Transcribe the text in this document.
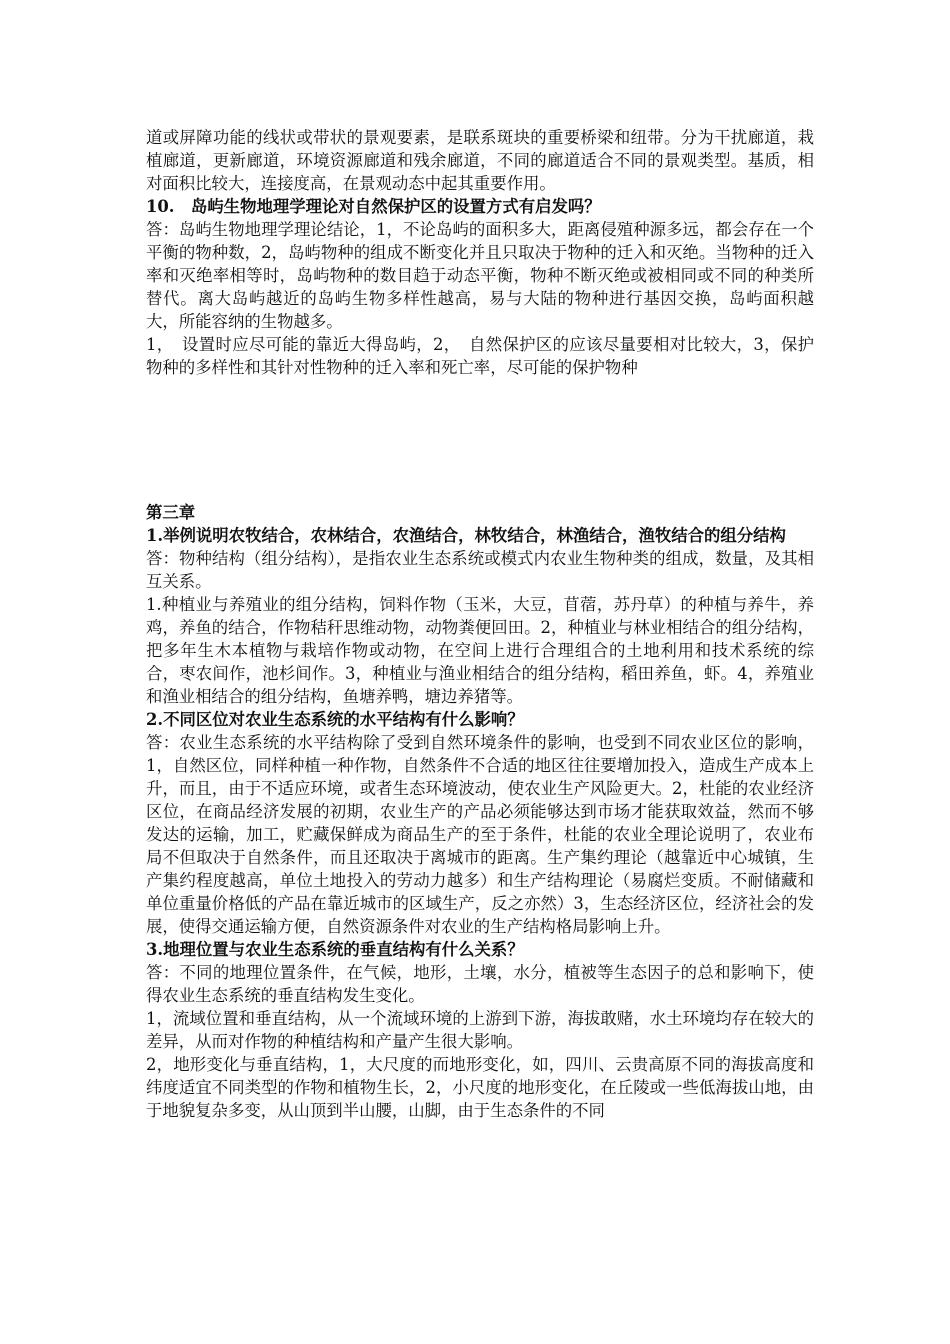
道或屏障功能的线状或带状的景观要素，是联系斑块的重要桥梁和纽带。分为干扰廊道，栽植廊道，更新廊道，环境资源廊道和残余廊道，不同的廊道适合不同的景观类型。基质，相对面积比较大，连接度高，在景观动态中起其重要作用。

10.　岛屿生物地理学理论对自然保护区的设置方式有启发吗？

答：岛屿生物地理学理论结论，1，不论岛屿的面积多大，距离侵殖种源多远，都会存在一个平衡的物种数，2，岛屿物种的组成不断变化并且只取决于物种的迁入和灭绝。当物种的迁入率和灭绝率相等时，岛屿物种的数目趋于动态平衡，物种不断灭绝或被相同或不同的种类所替代。离大岛屿越近的岛屿生物多样性越高，易与大陆的物种进行基因交换，岛屿面积越大，所能容纳的生物越多。

1，　设置时应尽可能的靠近大得岛屿，2，　自然保护区的应该尽量要相对比较大，3，保护物种的多样性和其针对性物种的迁入率和死亡率，尽可能的保护物种

第三章

1.举例说明农牧结合，农林结合，农渔结合，林牧结合，林渔结合，渔牧结合的组分结构

答：物种结构（组分结构），是指农业生态系统或模式内农业生物种类的组成，数量，及其相互关系。

1.种植业与养殖业的组分结构，饲料作物（玉米，大豆，苜蓿，苏丹草）的种植与养牛，养鸡，养鱼的结合，作物秸秆思维动物，动物粪便回田。2，种植业与林业相结合的组分结构，把多年生木本植物与栽培作物或动物，在空间上进行合理组合的土地利用和技术系统的综合，枣农间作，池杉间作。3，种植业与渔业相结合的组分结构，稻田养鱼，虾。4，养殖业和渔业相结合的组分结构，鱼塘养鸭，塘边养猪等。

2.不同区位对农业生态系统的水平结构有什么影响？

答：农业生态系统的水平结构除了受到自然环境条件的影响，也受到不同农业区位的影响，1，自然区位，同样种植一种作物，自然条件不合适的地区往往要增加投入，造成生产成本上升，而且，由于不适应环境，或者生态环境波动，使农业生产风险更大。2，杜能的农业经济区位，在商品经济发展的初期，农业生产的产品必须能够达到市场才能获取效益，然而不够发达的运输，加工，贮藏保鲜成为商品生产的至于条件，杜能的农业全理论说明了，农业布局不但取决于自然条件，而且还取决于离城市的距离。生产集约理论（越靠近中心城镇，生产集约程度越高，单位土地投入的劳动力越多）和生产结构理论（易腐烂变质。不耐储藏和单位重量价格低的产品在靠近城市的区域生产，反之亦然）3，生态经济区位，经济社会的发展，使得交通运输方便，自然资源条件对农业的生产结构格局影响上升。

3.地理位置与农业生态系统的垂直结构有什么关系？

答：不同的地理位置条件，在气候，地形，土壤，水分，植被等生态因子的总和影响下，使得农业生态系统的垂直结构发生变化。

1，流域位置和垂直结构，从一个流域环境的上游到下游，海拔敢赌，水土环境均存在较大的差异，从而对作物的种植结构和产量产生很大影响。

2，地形变化与垂直结构，1，大尺度的而地形变化，如，四川、云贵高原不同的海拔高度和纬度适宜不同类型的作物和植物生长，2，小尺度的地形变化，在丘陵或一些低海拔山地，由于地貌复杂多变，从山顶到半山腰，山脚，由于生态条件的不同
